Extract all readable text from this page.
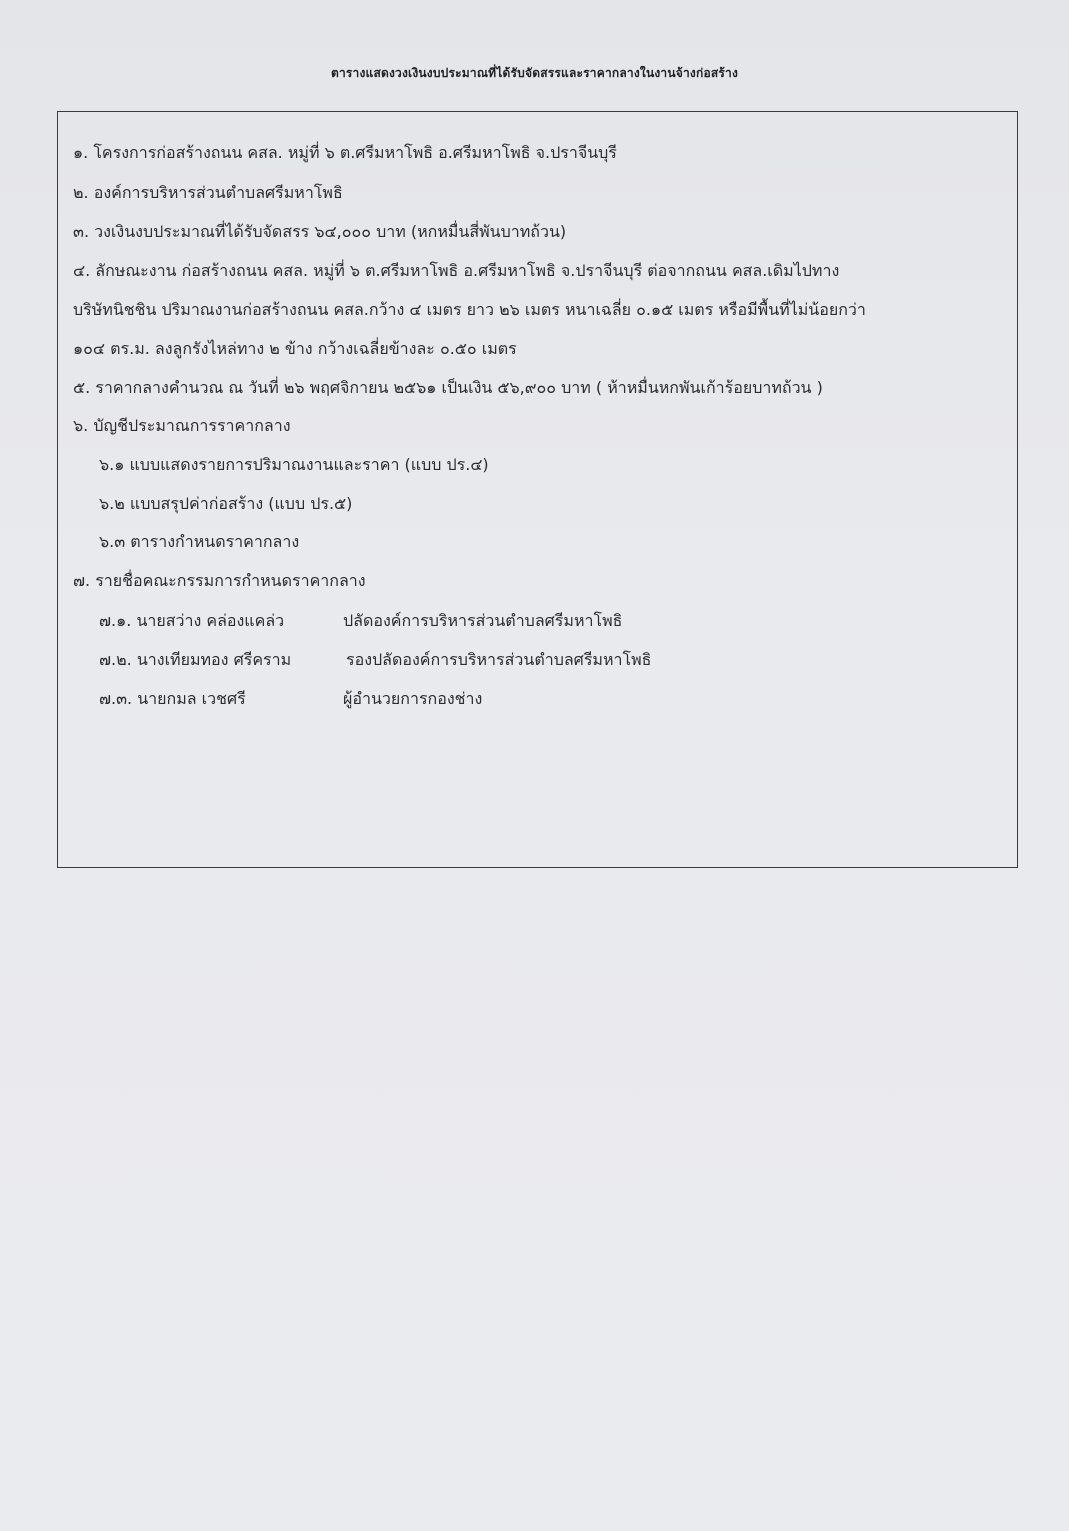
ตารางแสดงวงเงินงบประมาณที่ได้รับจัดสรรและราคากลางในงานจ้างก่อสร้าง
๑. โครงการก่อสร้างถนน คสล. หมู่ที่ ๖ ต.ศรีมหาโพธิ อ.ศรีมหาโพธิ จ.ปราจีนบุรี
๒. องค์การบริหารส่วนตำบลศรีมหาโพธิ
๓. วงเงินงบประมาณที่ได้รับจัดสรร ๖๔,๐๐๐ บาท (หกหมื่นสี่พันบาทถ้วน)
๔. ลักษณะงาน ก่อสร้างถนน คสล. หมู่ที่ ๖ ต.ศรีมหาโพธิ อ.ศรีมหาโพธิ จ.ปราจีนบุรี ต่อจากถนน คสล.เดิมไปทาง
บริษัทนิชชิน ปริมาณงานก่อสร้างถนน คสล.กว้าง ๔ เมตร ยาว ๒๖ เมตร หนาเฉลี่ย ๐.๑๕ เมตร หรือมีพื้นที่ไม่น้อยกว่า
๑๐๔ ตร.ม. ลงลูกรังไหล่ทาง ๒ ข้าง กว้างเฉลี่ยข้างละ ๐.๕๐ เมตร
๕. ราคากลางคำนวณ ณ วันที่ ๒๖ พฤศจิกายน ๒๕๖๑ เป็นเงิน ๕๖,๙๐๐ บาท ( ห้าหมื่นหกพันเก้าร้อยบาทถ้วน )
๖. บัญชีประมาณการราคากลาง
๖.๑ แบบแสดงรายการปริมาณงานและราคา (แบบ ปร.๔)
๖.๒ แบบสรุปค่าก่อสร้าง (แบบ ปร.๕)
๖.๓ ตารางกำหนดราคากลาง
๗. รายชื่อคณะกรรมการกำหนดราคากลาง
๗.๑. นายสว่าง คล่องแคล่ว	ปลัดองค์การบริหารส่วนตำบลศรีมหาโพธิ
๗.๒. นางเทียมทอง ศรีคราม	รองปลัดองค์การบริหารส่วนตำบลศรีมหาโพธิ
๗.๓. นายกมล เวชศรี	ผู้อำนวยการกองช่าง
